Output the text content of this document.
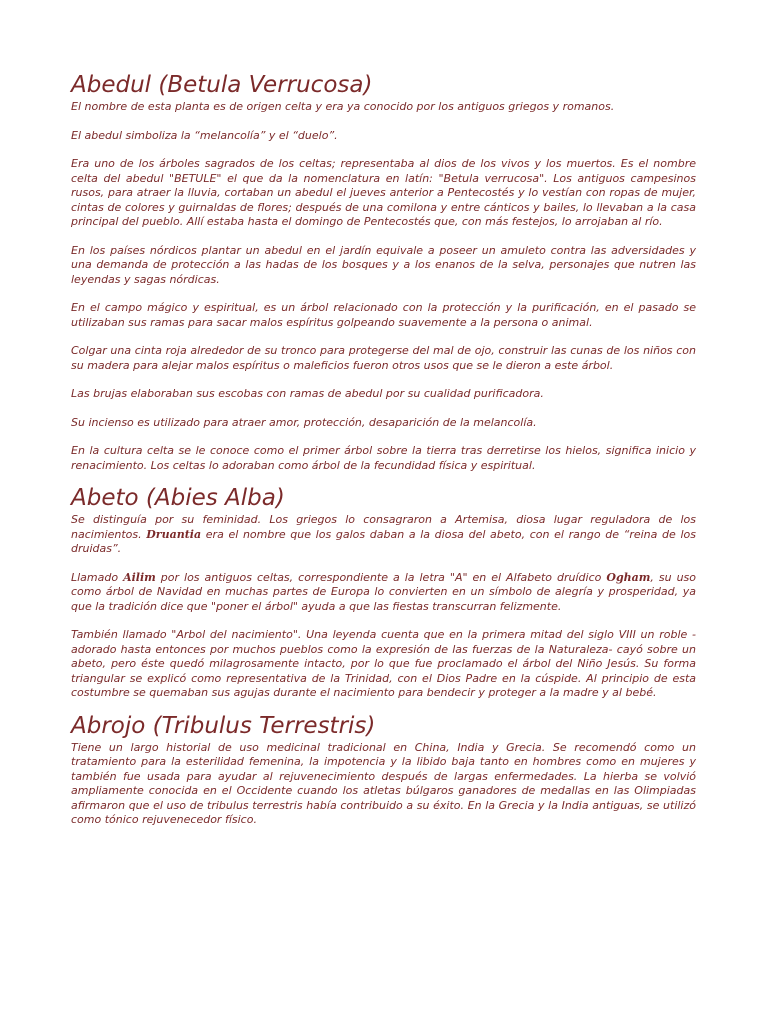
Abedul (Betula Verrucosa)

El nombre de esta planta es de origen celta y era ya conocido por los antiguos griegos y romanos.

El abedul simboliza la “melancolía” y el “duelo”.

Era uno de los árboles sagrados de los celtas; representaba al dios de los vivos y los muertos. Es el nombre celta del abedul "BETULE" el que da la nomenclatura en latín: "Betula verrucosa". Los antiguos campesinos rusos, para atraer la lluvia, cortaban un abedul el jueves anterior a Pentecostés y lo vestían con ropas de mujer, cintas de colores y guirnaldas de flores; después de una comilona y entre cánticos y bailes, lo llevaban a la casa principal del pueblo. Allí estaba hasta el domingo de Pentecostés que, con más festejos, lo arrojaban al río.

En los países nórdicos plantar un abedul en el jardín equivale a poseer un amuleto contra las adversidades y una demanda de protección a las hadas de los bosques y a los enanos de la selva, personajes que nutren las leyendas y sagas nórdicas.

En el campo mágico y espiritual, es un árbol relacionado con la protección y la purificación, en el pasado se utilizaban sus ramas para sacar malos espíritus golpeando suavemente a la persona o animal.

Colgar una cinta roja alrededor de su tronco para protegerse del mal de ojo, construir las cunas de los niños con su madera para alejar malos espíritus o maleficios fueron otros usos que se le dieron a este árbol.

Las brujas elaboraban sus escobas con ramas de abedul por su cualidad purificadora.

Su incienso es utilizado para atraer amor, protección, desaparición de la melancolía.

En la cultura celta se le conoce como el primer árbol sobre la tierra tras derretirse los hielos, significa inicio y renacimiento. Los celtas lo adoraban como árbol de la fecundidad física y espiritual.

Abeto (Abies Alba)

Se distinguía por su feminidad. Los griegos lo consagraron a Artemisa, diosa lugar reguladora de los nacimientos. Druantia era el nombre que los galos daban a la diosa del abeto, con el rango de “reina de los druidas”.

Llamado Ailim por los antiguos celtas, correspondiente a la letra "A" en el Alfabeto druídico Ogham, su uso como árbol de Navidad en muchas partes de Europa lo convierten en un símbolo de alegría y prosperidad, ya que la tradición dice que "poner el árbol" ayuda a que las fiestas transcurran felizmente.

También llamado "Arbol del nacimiento". Una leyenda cuenta que en la primera mitad del siglo VIII un roble -adorado hasta entonces por muchos pueblos como la expresión de las fuerzas de la Naturaleza- cayó sobre un abeto, pero éste quedó milagrosamente intacto, por lo que fue proclamado el árbol del Niño Jesús. Su forma triangular se explicó como representativa de la Trinidad, con el Dios Padre en la cúspide. Al principio de esta costumbre se quemaban sus agujas durante el nacimiento para bendecir y proteger a la madre y al bebé.

Abrojo (Tribulus Terrestris)

Tiene un largo historial de uso medicinal tradicional en China, India y Grecia. Se recomendó como un tratamiento para la esterilidad femenina, la impotencia y la libido baja tanto en hombres como en mujeres y también fue usada para ayudar al rejuvenecimiento después de largas enfermedades. La hierba se volvió ampliamente conocida en el Occidente cuando los atletas búlgaros ganadores de medallas en las Olimpiadas afirmaron que el uso de tribulus terrestris había contribuido a su éxito. En la Grecia y la India antiguas, se utilizó como tónico rejuvenecedor físico.
